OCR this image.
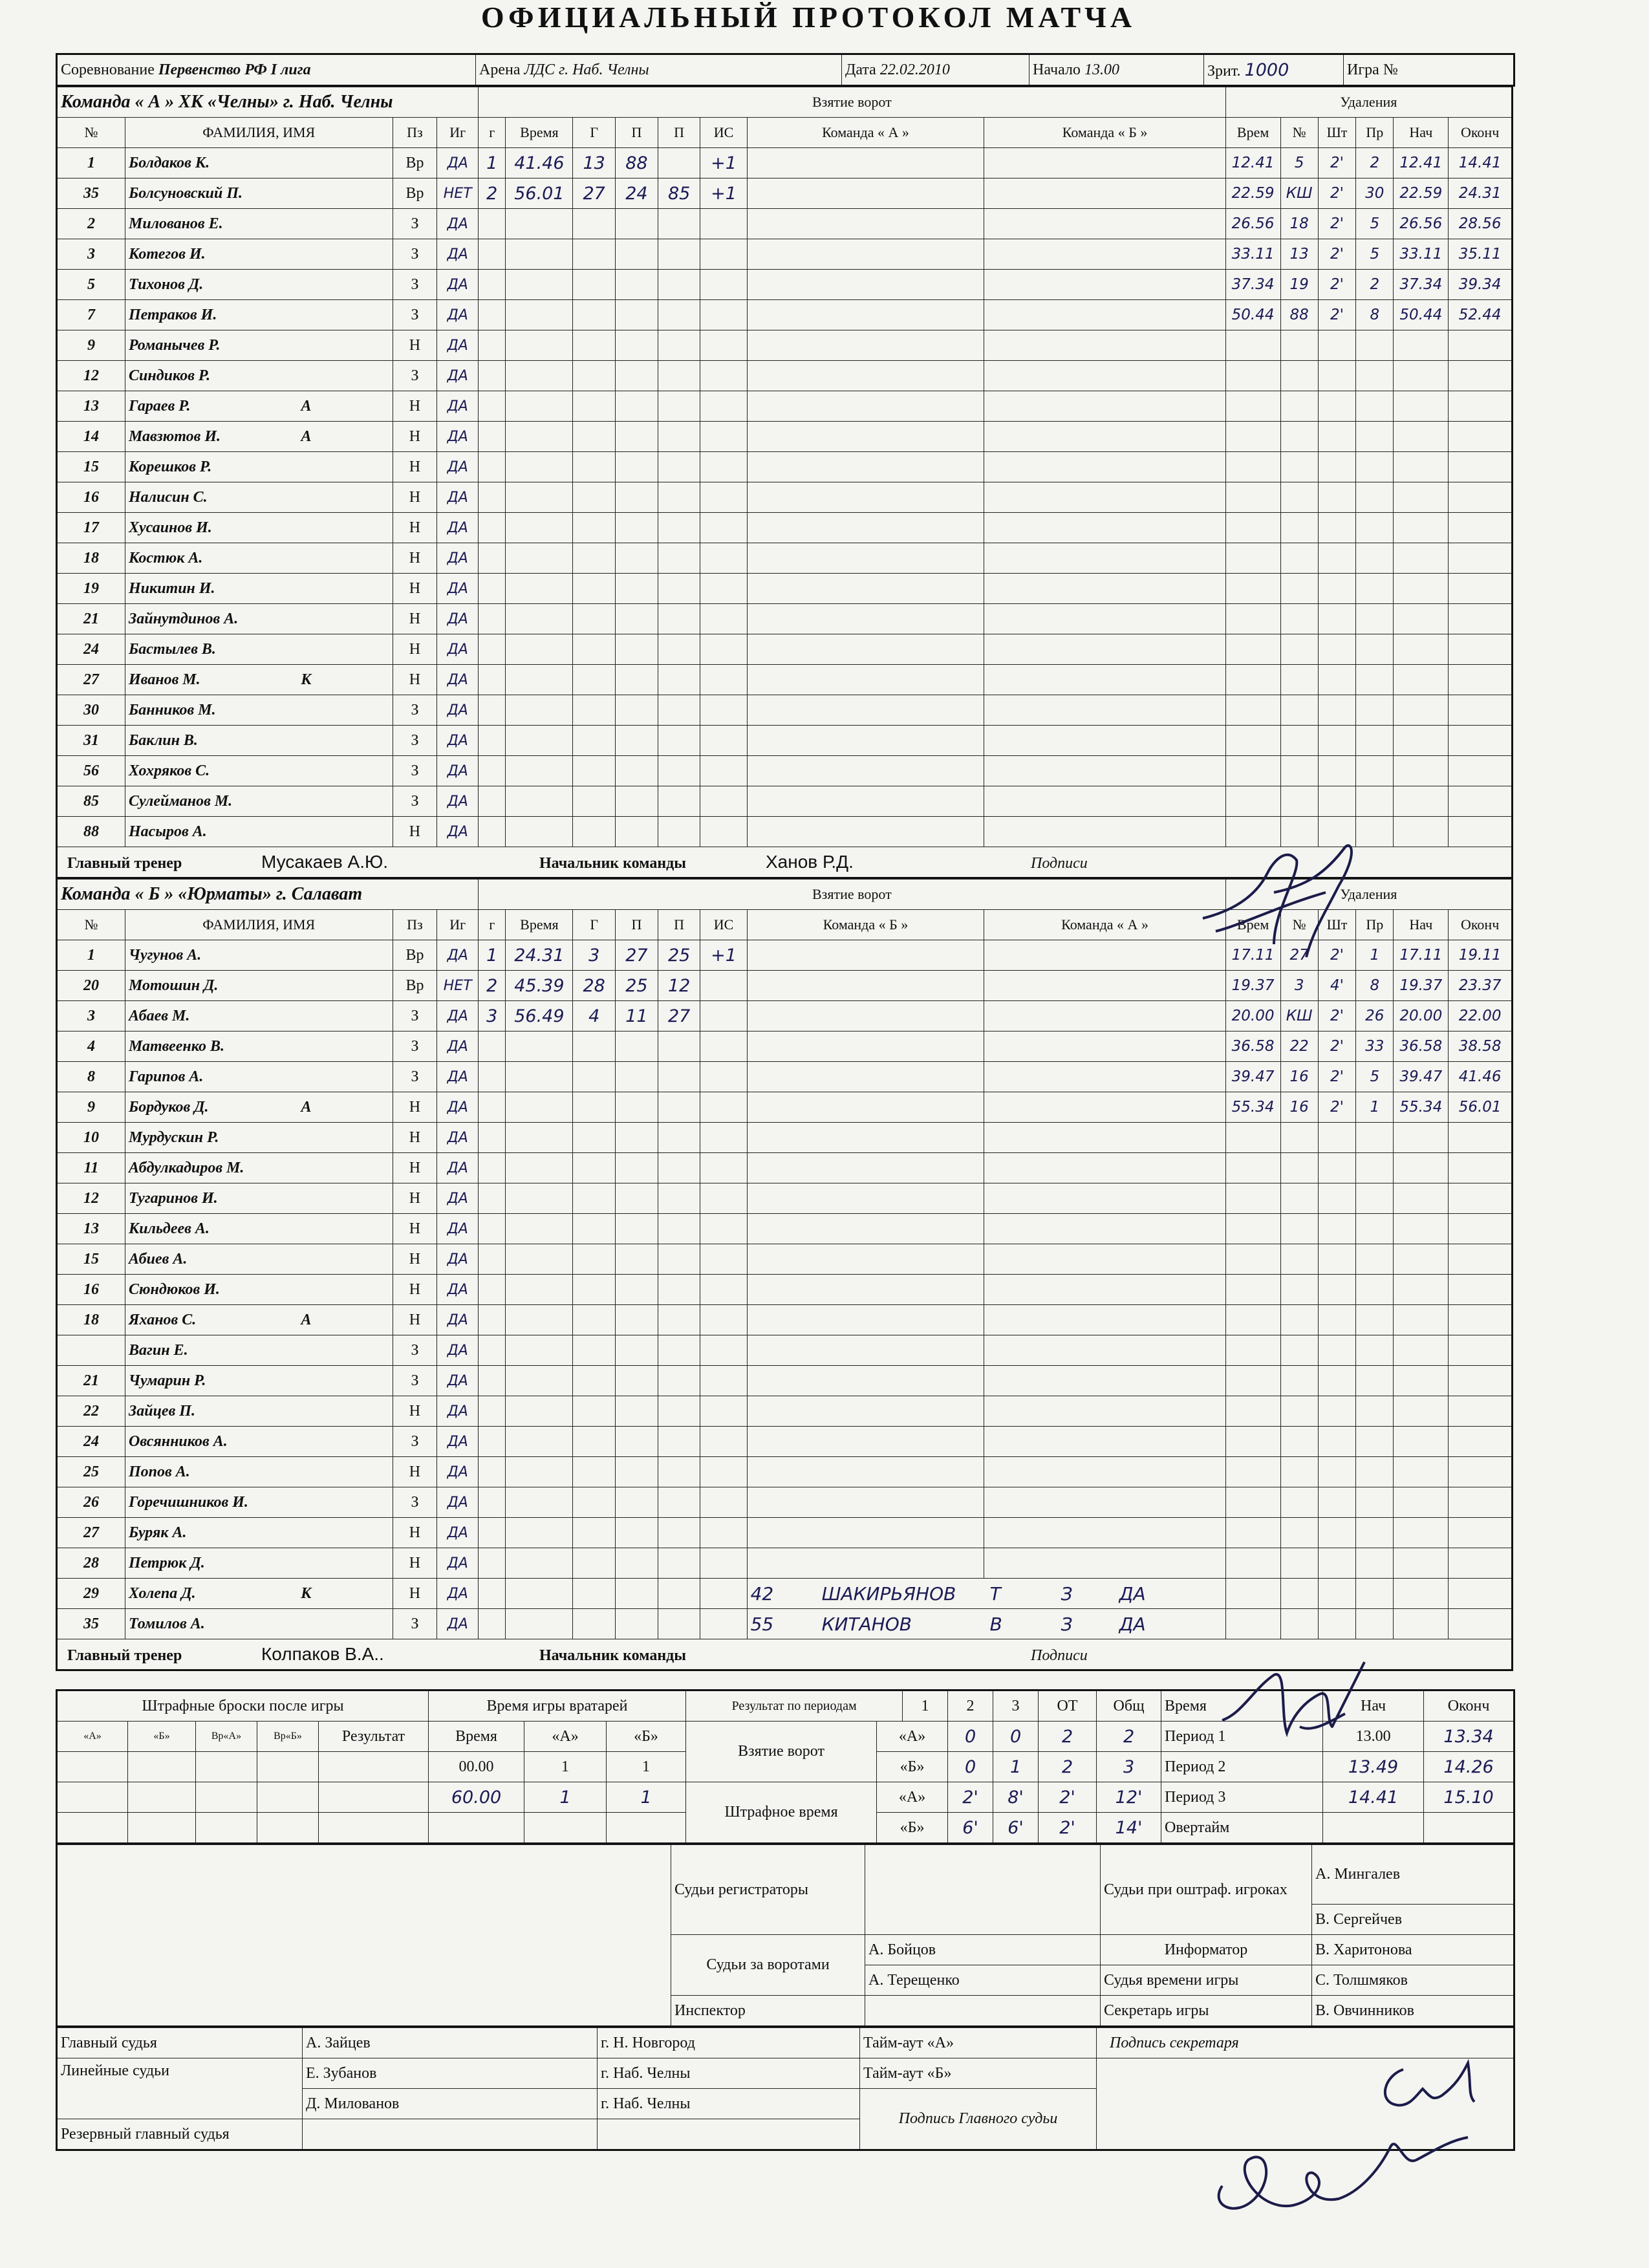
ОФИЦИАЛЬНЫЙ ПРОТОКОЛ МАТЧА
Соревнование Первенство РФ I лига	Арена ЛДС г. Наб. Челны	Дата 22.02.2010	Начало 13.00	Зрит. 1000	Игра №
Команда « А » ХК «Челны» г. Наб. Челны				Взятие ворот								Удаления					
№	ФАМИЛИЯ, ИМЯ	Пз	Иг	г	Время	Г	П	П	ИС	Команда « А »	Команда « Б »	Врем	№	Шт	Пр	Нач	Оконч
1	Болдаков К.	Вр	ДА	1	41.46	13	88		+1			12.41	5	2'	2	12.41	14.41
35	Болсуновский П.	Вр	НЕТ	2	56.01	27	24	85	+1			22.59	КШ	2'	30	22.59	24.31
2	Милованов Е.	З	ДА									26.56	18	2'	5	26.56	28.56
3	Котегов И.	З	ДА									33.11	13	2'	5	33.11	35.11
5	Тихонов Д.	З	ДА									37.34	19	2'	2	37.34	39.34
7	Петраков И.	З	ДА									50.44	88	2'	8	50.44	52.44
9	Романычев Р.	Н	ДА														
12	Синдиков Р.	З	ДА														
13	Гараев Р. А	Н	ДА														
14	Мавзютов И. А	Н	ДА														
15	Корешков Р.	Н	ДА														
16	Налисин С.	Н	ДА														
17	Хусаинов И.	Н	ДА														
18	Костюк А.	Н	ДА														
19	Никитин И.	Н	ДА														
21	Зайнутдинов А.	Н	ДА														
24	Бастылев В.	Н	ДА														
27	Иванов М. К	Н	ДА														
30	Банников М.	З	ДА														
31	Баклин В.	З	ДА														
56	Хохряков С.	З	ДА														
85	Сулейманов М.	З	ДА														
88	Насыров А.	Н	ДА														
Главный тренер Мусакаев А.Ю. Начальник команды Ханов Р.Д. Подписи																	
Команда « Б » «Юрматы» г. Салават				Взятие ворот								Удаления					
№	ФАМИЛИЯ, ИМЯ	Пз	Иг	г	Время	Г	П	П	ИС	Команда « Б »	Команда « А »	Врем	№	Шт	Пр	Нач	Оконч
1	Чугунов А.	Вр	ДА	1	24.31	3	27	25	+1			17.11	27	2'	1	17.11	19.11
20	Мотошин Д.	Вр	НЕТ	2	45.39	28	25	12				19.37	3	4'	8	19.37	23.37
3	Абаев М.	З	ДА	3	56.49	4	11	27				20.00	КШ	2'	26	20.00	22.00
4	Матвеенко В.	З	ДА									36.58	22	2'	33	36.58	38.58
8	Гарипов А.	З	ДА									39.47	16	2'	5	39.47	41.46
9	Бордуков Д. А	Н	ДА									55.34	16	2'	1	55.34	56.01
10	Мурдускин Р.	Н	ДА														
11	Абдулкадиров М.	Н	ДА														
12	Тугаринов И.	Н	ДА														
13	Кильдеев А.	Н	ДА														
15	Абиев А.	Н	ДА														
16	Сюндюков И.	Н	ДА														
18	Яханов С. А	Н	ДА														
	Вагин Е.	З	ДА														
21	Чумарин Р.	З	ДА														
22	Зайцев П.	Н	ДА														
24	Овсянников А.	З	ДА														
25	Попов А.	Н	ДА														
26	Горечишников И.	З	ДА														
27	Буряк А.	Н	ДА														
28	Петрюк Д.	Н	ДА														
29	Холепа Д. К	Н	ДА							42 ШАКИРЬЯНОВ Т З ДА							
35	Томилов А.	З	ДА							55 КИТАНОВ В З ДА							
Главный тренер Колпаков В.А.. Начальник команды Подписи																	
Штрафные броски после игры					Время игры вратарей			Результат по периодам		1	2	3	ОТ	Общ	Время	Нач	Оконч
«А»	«Б»	Вр«А»	Вр«Б»	Результат	Время	«А»	«Б»	Взятие ворот	«А»		0	0	2	2	Период 1	13.00	13.34
					00.00	1	1		«Б»		0	1	2	3	Период 2	13.49	14.26
					60.00	1	1	Штрафное время	«А»		2'	8'	2'	12'	Период 3	14.41	15.10
									«Б»		6'	6'	2'	14'	Овертайм		
	Судьи регистраторы		Судьи при оштраф. игроках	А. Мингалев
				В. Сергейчев
	Судьи за воротами	А. Бойцов	Информатор	В. Харитонова
		А. Терещенко	Судья времени игры	С. Толшмяков
	Инспектор		Секретарь игры	В. Овчинников
Главный судья	А. Зайцев	г. Н. Новгород	Тайм-аут «А»	Подпись секретаря
Линейные судьи	Е. Зубанов	г. Наб. Челны	Тайм-аут «Б»	
	Д. Милованов	г. Наб. Челны	Подпись Главного судьи	
Резервный главный судья				
